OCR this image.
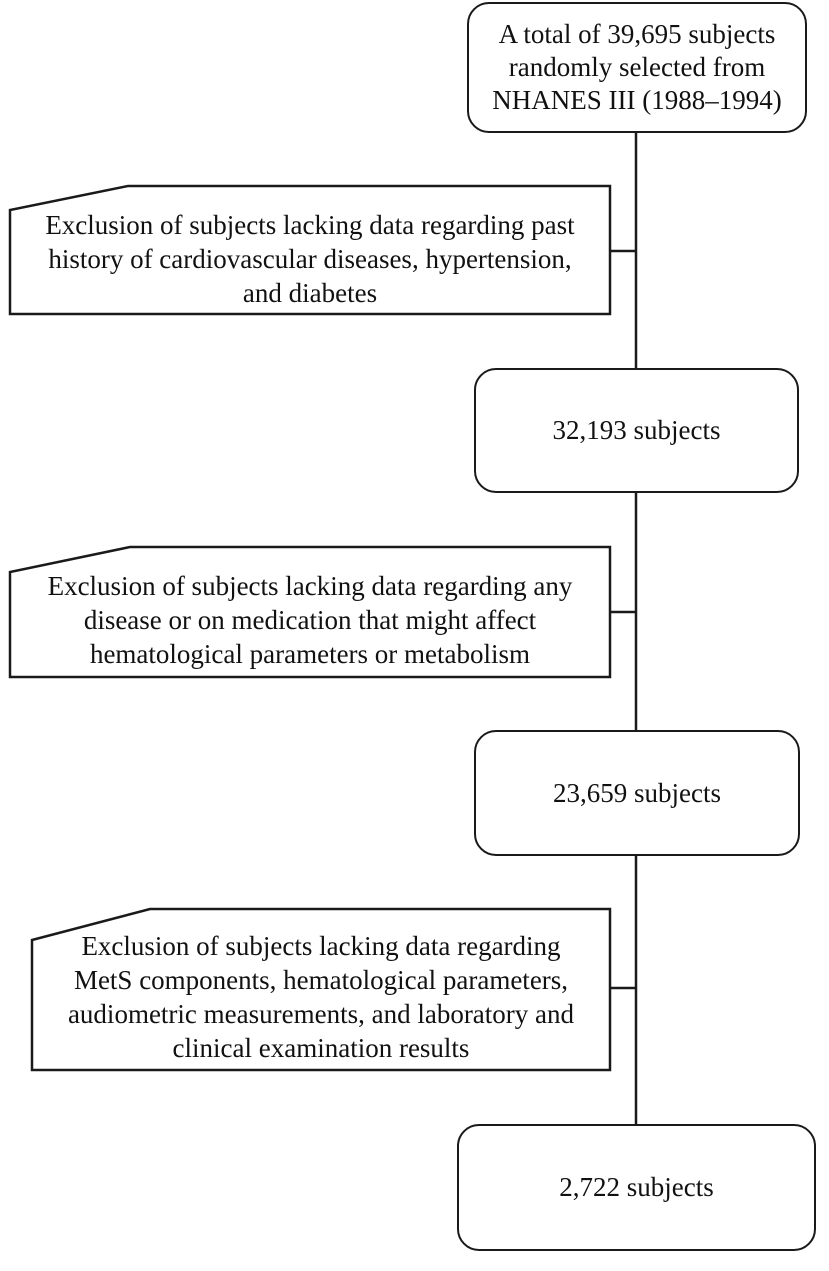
A total of 39,695 subjects
randomly selected from
NHANES III (1988–1994)
32,193 subjects
23,659 subjects
2,722 subjects
Exclusion of subjects lacking data regarding past
history of cardiovascular diseases, hypertension,
and diabetes
Exclusion of subjects lacking data regarding any
disease or on medication that might affect
hematological parameters or metabolism
Exclusion of subjects lacking data regarding
MetS components, hematological parameters,
audiometric measurements, and laboratory and
clinical examination results
